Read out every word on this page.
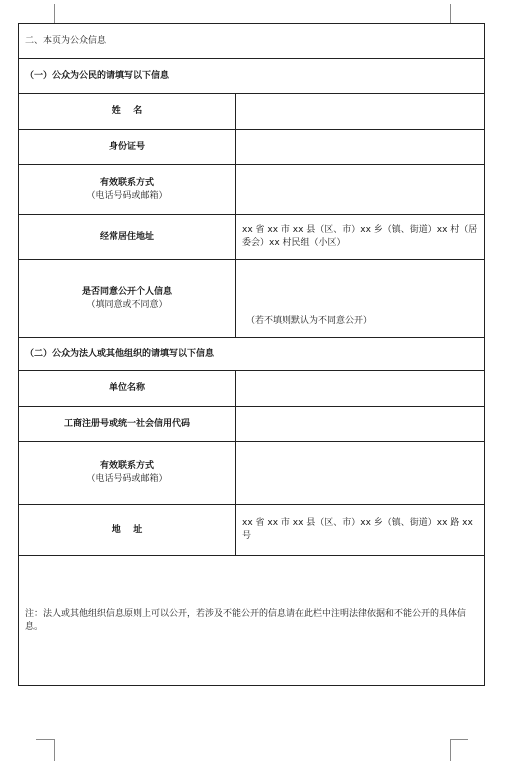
二、本页为公众信息	
（一）公众为公民的请填写以下信息	
姓    名	
身份证号	
有效联系方式
（电话号码或邮箱）	

经常居住地址	xx 省 xx 市 xx 县（区、市）xx 乡（镇、街道）xx 村（居委会）xx 村民组（小区）
是否同意公开个人信息
（填同意或不同意）	（若不填则默认为不同意公开）
（二）公众为法人或其他组织的请填写以下信息	
单位名称	
工商注册号或统一社会信用代码	
有效联系方式
（电话号码或邮箱）	

地    址	xx 省 xx 市 xx 县（区、市）xx 乡（镇、街道）xx 路 xx 号
注：法人或其他组织信息原则上可以公开，若涉及不能公开的信息请在此栏中注明法律依据和不能公开的具体信息。	
